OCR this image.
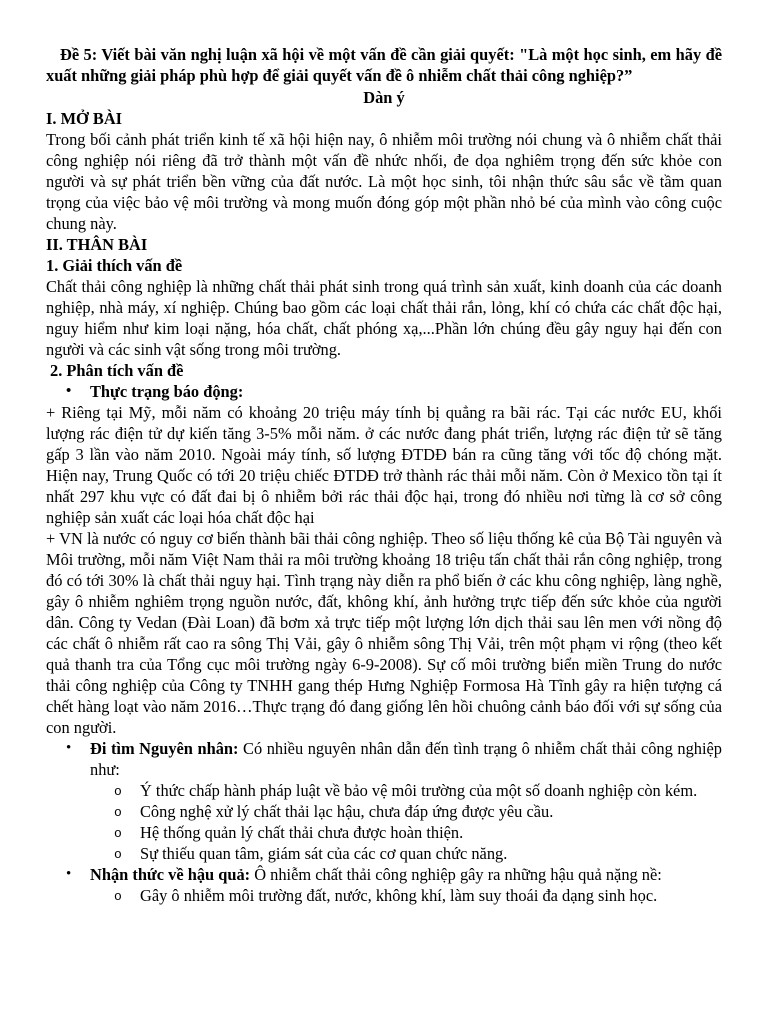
Đề 5: Viết bài văn nghị luận xã hội về một vấn đề cần giải quyết: "Là một học sinh, em hãy đề xuất những giải pháp phù hợp để giải quyết vấn đề ô nhiễm chất thải công nghiệp?”

Dàn ý

I. MỞ BÀI

Trong bối cảnh phát triển kinh tế xã hội hiện nay, ô nhiễm môi trường nói chung và ô nhiễm chất thải công nghiệp nói riêng đã trở thành một vấn đề nhức nhối, đe dọa nghiêm trọng đến sức khỏe con người và sự phát triển bền vững của đất nước. Là một học sinh, tôi nhận thức sâu sắc về tầm quan trọng của việc bảo vệ môi trường và mong muốn đóng góp một phần nhỏ bé của mình vào công cuộc chung này.

II. THÂN BÀI

1. Giải thích vấn đề

Chất thải công nghiệp là những chất thải phát sinh trong quá trình sản xuất, kinh doanh của các doanh nghiệp, nhà máy, xí nghiệp. Chúng bao gồm các loại chất thải rắn, lỏng, khí có chứa các chất độc hại, nguy hiểm như kim loại nặng, hóa chất, chất phóng xạ,...Phần lớn chúng đều gây nguy hại đến con người và các sinh vật sống trong môi trường.

2. Phân tích vấn đề

• Thực trạng báo động:

+ Riêng tại Mỹ, mỗi năm có khoảng 20 triệu máy tính bị quẳng ra bãi rác. Tại các nước EU, khối lượng rác điện tử dự kiến tăng 3-5% mỗi năm. ở các nước đang phát triển, lượng rác điện tử sẽ tăng gấp 3 lần vào năm 2010. Ngoài máy tính, số lượng ĐTDĐ bán ra cũng tăng với tốc độ chóng mặt. Hiện nay, Trung Quốc có tới 20 triệu chiếc ĐTDĐ trở thành rác thải mỗi năm. Còn ở Mexico tồn tại ít nhất 297 khu vực có đất đai bị ô nhiễm bởi rác thải độc hại, trong đó nhiều nơi từng là cơ sở công nghiệp sản xuất các loại hóa chất độc hại

+ VN là nước có nguy cơ biến thành bãi thải công nghiệp. Theo số liệu thống kê của Bộ Tài nguyên và Môi trường, mỗi năm Việt Nam thải ra môi trường khoảng 18 triệu tấn chất thải rắn công nghiệp, trong đó có tới 30% là chất thải nguy hại. Tình trạng này diễn ra phổ biến ở các khu công nghiệp, làng nghề, gây ô nhiễm nghiêm trọng nguồn nước, đất, không khí, ảnh hưởng trực tiếp đến sức khỏe của người dân. Công ty Vedan (Đài Loan) đã bơm xả trực tiếp một lượng lớn dịch thải sau lên men với nồng độ các chất ô nhiễm rất cao ra sông Thị Vải, gây ô nhiễm sông Thị Vải, trên một phạm vi rộng (theo kết quả thanh tra của Tổng cục môi trường ngày 6-9-2008). Sự cố môi trường biển miền Trung do nước thải công nghiệp của Công ty TNHH gang thép Hưng Nghiệp Formosa Hà Tĩnh gây ra hiện tượng cá chết hàng loạt vào năm 2016…Thực trạng đó đang giống lên hồi chuông cảnh báo đối với sự sống của con người.

• Đi tìm Nguyên nhân: Có nhiều nguyên nhân dẫn đến tình trạng ô nhiễm chất thải công nghiệp như:
o Ý thức chấp hành pháp luật về bảo vệ môi trường của một số doanh nghiệp còn kém.
o Công nghệ xử lý chất thải lạc hậu, chưa đáp ứng được yêu cầu.
o Hệ thống quản lý chất thải chưa được hoàn thiện.
o Sự thiếu quan tâm, giám sát của các cơ quan chức năng.
• Nhận thức về hậu quả: Ô nhiễm chất thải công nghiệp gây ra những hậu quả nặng nề:
o Gây ô nhiễm môi trường đất, nước, không khí, làm suy thoái đa dạng sinh học.
